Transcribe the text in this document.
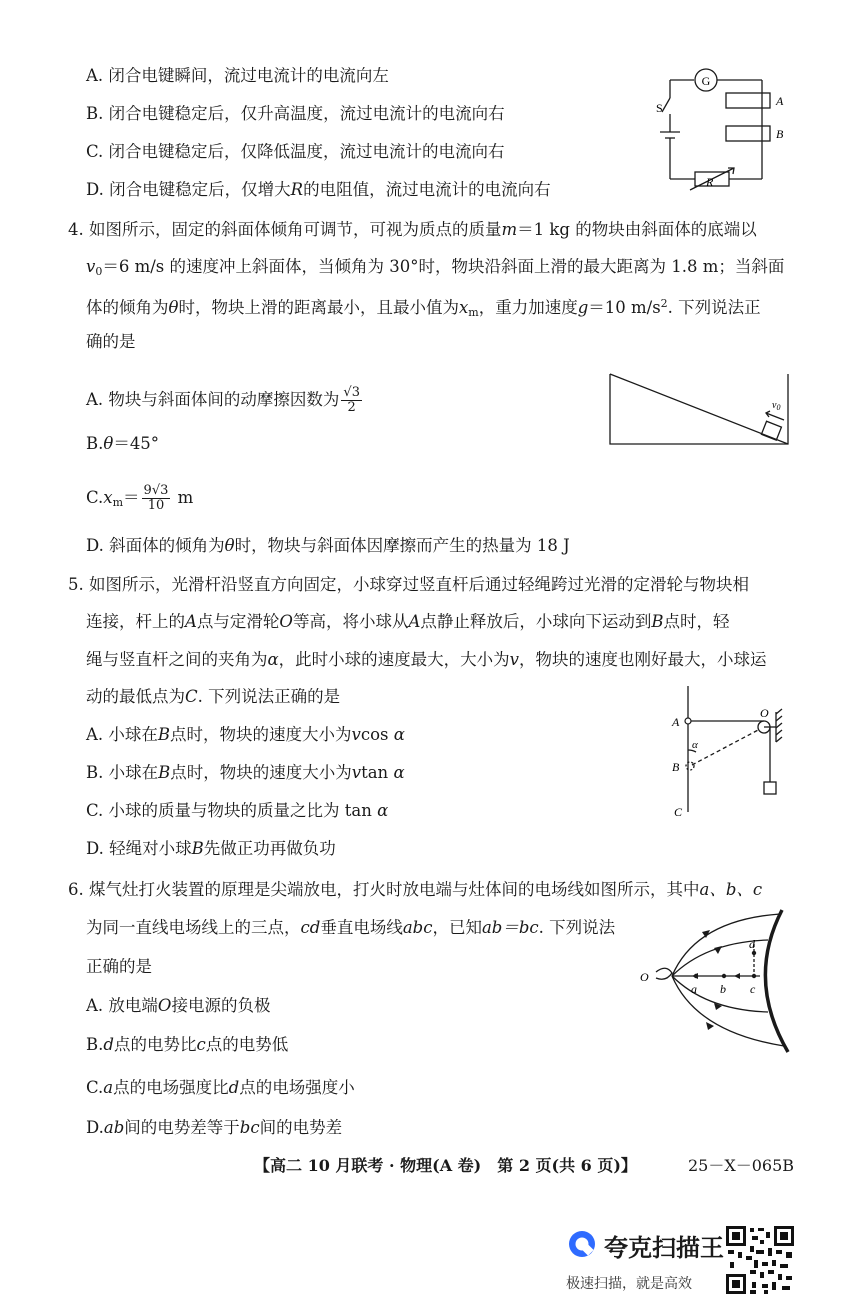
A. 闭合电键瞬间，流过电流计的电流向左
B. 闭合电键稳定后，仅升高温度，流过电流计的电流向右
C. 闭合电键稳定后，仅降低温度，流过电流计的电流向右
D. 闭合电键稳定后，仅增大R的电阻值，流过电流计的电流向右
G
S	A
B
R
4. 如图所示，固定的斜面体倾角可调节，可视为质点的质量m＝1 kg 的物块由斜面体的底端以
$v_0=6$ m/s 的速度冲上斜面体，当倾角为 30°时，物块沿斜面上滑的最大距离为 1.8 m；当斜面
体的倾角为θ时，物块上滑的距离最小，且最小值为$x_m$，重力加速度g＝10 $m/s^2$. 下列说法正
确的是
A. 物块与斜面体间的动摩擦因数为 $\frac{√3}{2}$
B.θ＝45°
$C.x_m= \frac{9√3}{10}$ m
D. 斜面体的倾角为θ时，物块与斜面体因摩擦而产生的热量为 18 J
$v_0$
5. 如图所示，光滑杆沿竖直方向固定，小球穿过竖直杆后通过轻绳跨过光滑的定滑轮与物块相
连接，杆上的A点与定滑轮O等高，将小球从A点静止释放后，小球向下运动到B点时，轻
绳与竖直杆之间的夹角为α，此时小球的速度最大，大小为v，物块的速度也刚好最大，小球运
动的最低点为C. 下列说法正确的是
A. 小球在B点时，物块的速度大小为vcos α
B. 小球在B点时，物块的速度大小为vtan α
C. 小球的质量与物块的质量之比为 tan α
D. 轻绳对小球B先做正功再做负功
A
O
α
B
C
6. 煤气灶打火装置的原理是尖端放电，打火时放电端与灶体间的电场线如图所示，其中a、b、c
为同一直线电场线上的三点，cd垂直电场线abc，已知ab＝bc. 下列说法
正确的是
A. 放电端O接电源的负极
B.d点的电势比c点的电势低
C.a点的电场强度比d点的电场强度小
D.ab间的电势差等于bc间的电势差
O
a b c
d
【高二 10 月联考 · 物理(A 卷)　第 2 页(共 6 页)】	25－X－065B
夸克扫描王
极速扫描，就是高效
